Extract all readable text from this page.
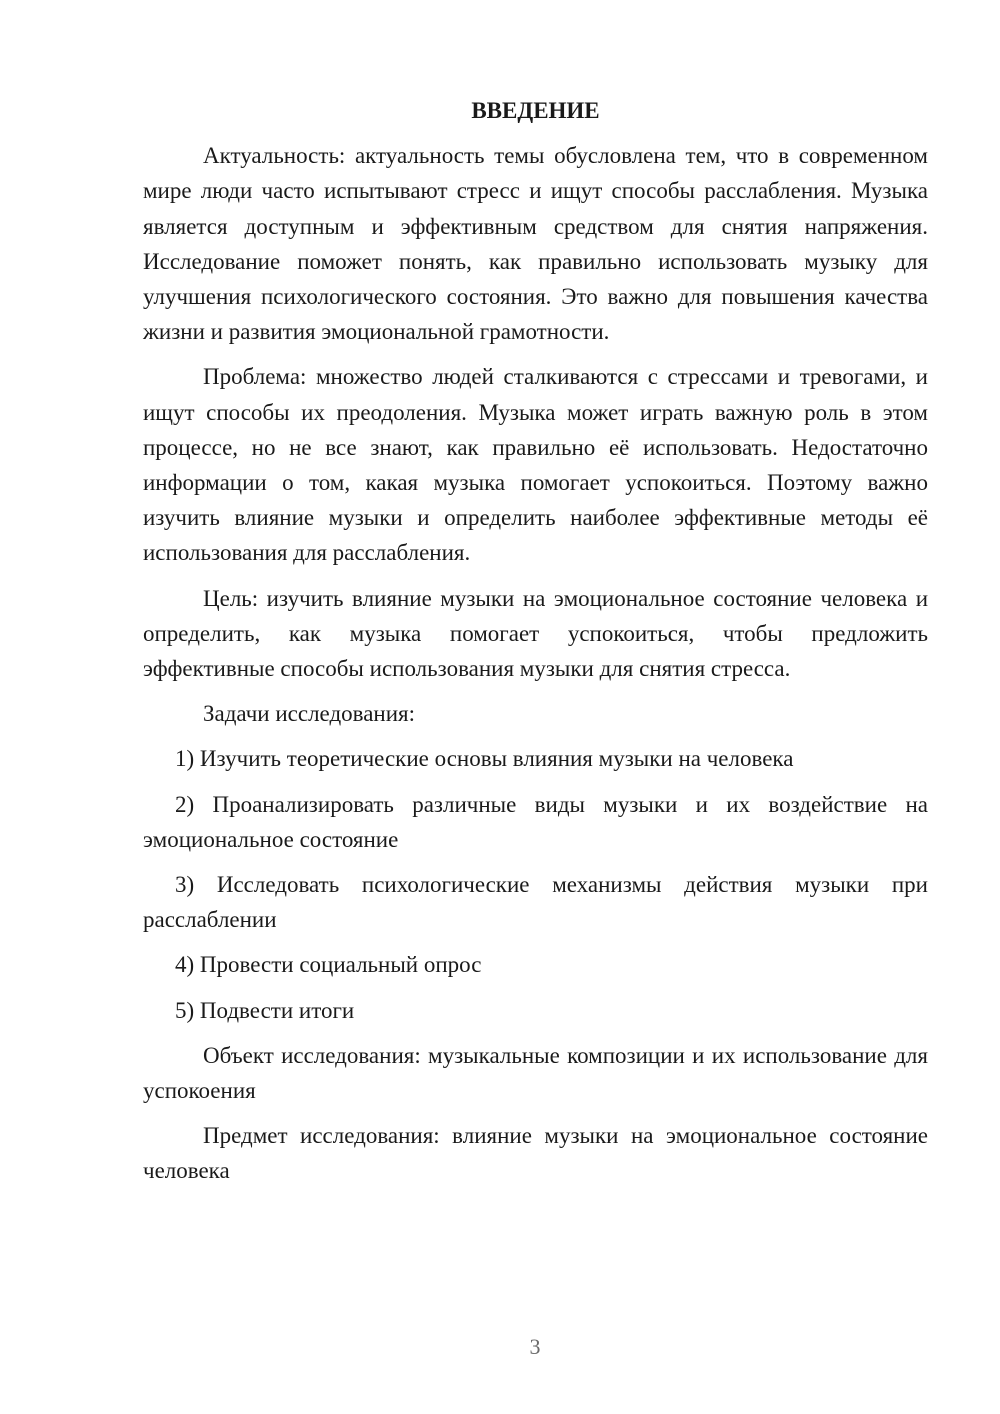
ВВЕДЕНИЕ

Актуальность: актуальность темы обусловлена тем, что в современном мире люди часто испытывают стресс и ищут способы расслабления. Музыка является доступным и эффективным средством для снятия напряжения. Исследование поможет понять, как правильно использовать музыку для улучшения психологического состояния. Это важно для повышения качества жизни и развития эмоциональной грамотности.

Проблема: множество людей сталкиваются с стрессами и тревогами, и ищут способы их преодоления. Музыка может играть важную роль в этом процессе, но не все знают, как правильно её использовать. Недостаточно информации о том, какая музыка помогает успокоиться. Поэтому важно изучить влияние музыки и определить наиболее эффективные методы её использования для расслабления.

Цель: изучить влияние музыки на эмоциональное состояние человека и определить, как музыка помогает успокоиться, чтобы предложить эффективные способы использования музыки для снятия стресса.

Задачи исследования:

1) Изучить теоретические основы влияния музыки на человека

2) Проанализировать различные виды музыки и их воздействие на эмоциональное состояние

3) Исследовать психологические механизмы действия музыки при расслаблении

4) Провести социальный опрос

5) Подвести итоги

Объект исследования: музыкальные композиции и их использование для успокоения

Предмет исследования: влияние музыки на эмоциональное состояние человека

3
